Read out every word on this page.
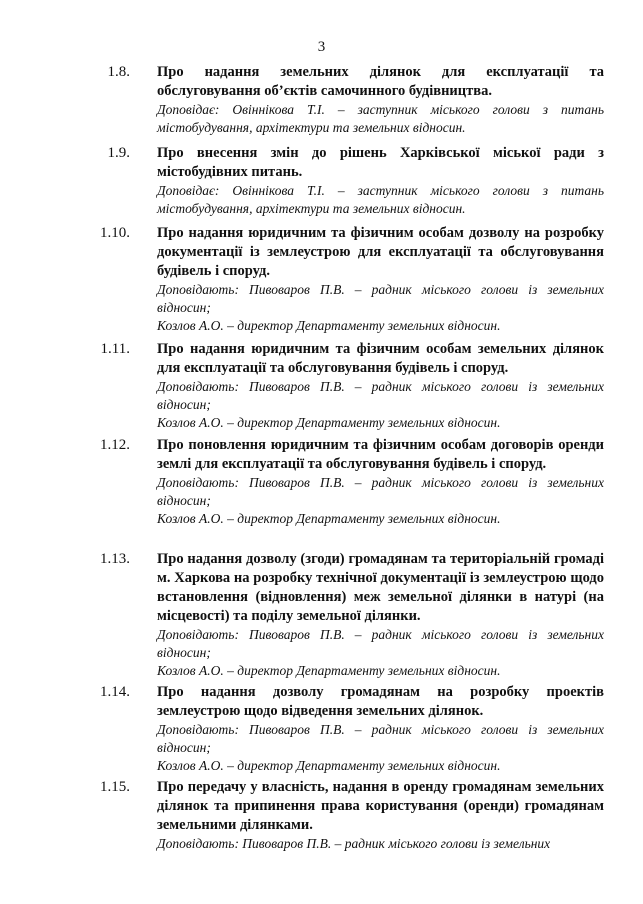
3
1.8. Про надання земельних ділянок для експлуатації та обслуговування об’єктів самочинного будівництва.

Доповідає: Овіннікова Т.І. – заступник міського голови з питань містобудування, архітектури та земельних відносин.

1.9. Про внесення змін до рішень Харківської міської ради з містобудівних питань.

Доповідає: Овіннікова Т.І. – заступник міського голови з питань містобудування, архітектури та земельних відносин.

1.10. Про надання юридичним та фізичним особам дозволу на розробку документації із землеустрою для експлуатації та обслуговування будівель і споруд.

Доповідають: Пивоваров П.В. – радник міського голови із земельних відносин;

Козлов А.О. – директор Департаменту земельних відносин.

1.11. Про надання юридичним та фізичним особам земельних ділянок для експлуатації та обслуговування будівель і споруд.

Доповідають: Пивоваров П.В. – радник міського голови із земельних відносин;

Козлов А.О. – директор Департаменту земельних відносин.

1.12. Про поновлення юридичним та фізичним особам договорів оренди землі для експлуатації та обслуговування будівель і споруд.

Доповідають: Пивоваров П.В. – радник міського голови із земельних відносин;

Козлов А.О. – директор Департаменту земельних відносин.

1.13. Про надання дозволу (згоди) громадянам та територіальній громаді м. Харкова на розробку технічної документації із землеустрою щодо встановлення (відновлення) меж земельної ділянки в натурі (на місцевості) та поділу земельної ділянки.

Доповідають: Пивоваров П.В. – радник міського голови із земельних відносин;

Козлов А.О. – директор Департаменту земельних відносин.

1.14. Про надання дозволу громадянам на розробку проектів землеустрою щодо відведення земельних ділянок.

Доповідають: Пивоваров П.В. – радник міського голови із земельних відносин;

Козлов А.О. – директор Департаменту земельних відносин.

1.15. Про передачу у власність, надання в оренду громадянам земельних ділянок та припинення права користування (оренди) громадянам земельними ділянками.

Доповідають: Пивоваров П.В. – радник міського голови із земельних
